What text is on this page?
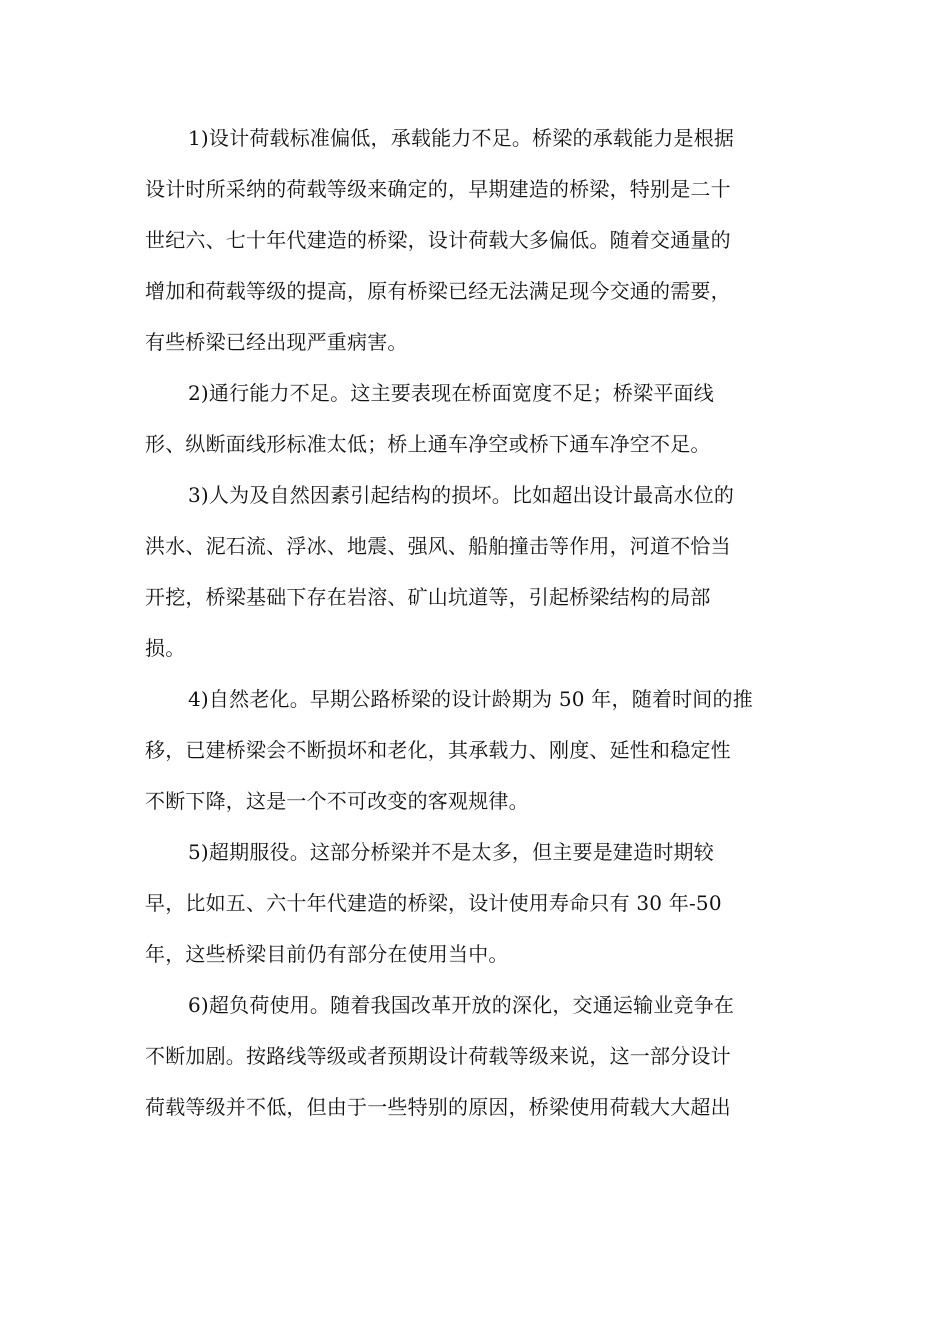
1)设计荷载标准偏低，承载能力不足。桥梁的承载能力是根据
设计时所采纳的荷载等级来确定的，早期建造的桥梁，特别是二十
世纪六、七十年代建造的桥梁，设计荷载大多偏低。随着交通量的
增加和荷载等级的提高，原有桥梁已经无法满足现今交通的需要，
有些桥梁已经出现严重病害。
2)通行能力不足。这主要表现在桥面宽度不足；桥梁平面线
形、纵断面线形标准太低；桥上通车净空或桥下通车净空不足。
3)人为及自然因素引起结构的损坏。比如超出设计最高水位的
洪水、泥石流、浮冰、地震、强风、船舶撞击等作用，河道不恰当
开挖，桥梁基础下存在岩溶、矿山坑道等，引起桥梁结构的局部
损。
4)自然老化。早期公路桥梁的设计龄期为 50 年，随着时间的推
移，已建桥梁会不断损坏和老化，其承载力、刚度、延性和稳定性
不断下降，这是一个不可改变的客观规律。
5)超期服役。这部分桥梁并不是太多，但主要是建造时期较
早，比如五、六十年代建造的桥梁，设计使用寿命只有 30 年-50
年，这些桥梁目前仍有部分在使用当中。
6)超负荷使用。随着我国改革开放的深化，交通运输业竞争在
不断加剧。按路线等级或者预期设计荷载等级来说，这一部分设计
荷载等级并不低，但由于一些特别的原因，桥梁使用荷载大大超出
